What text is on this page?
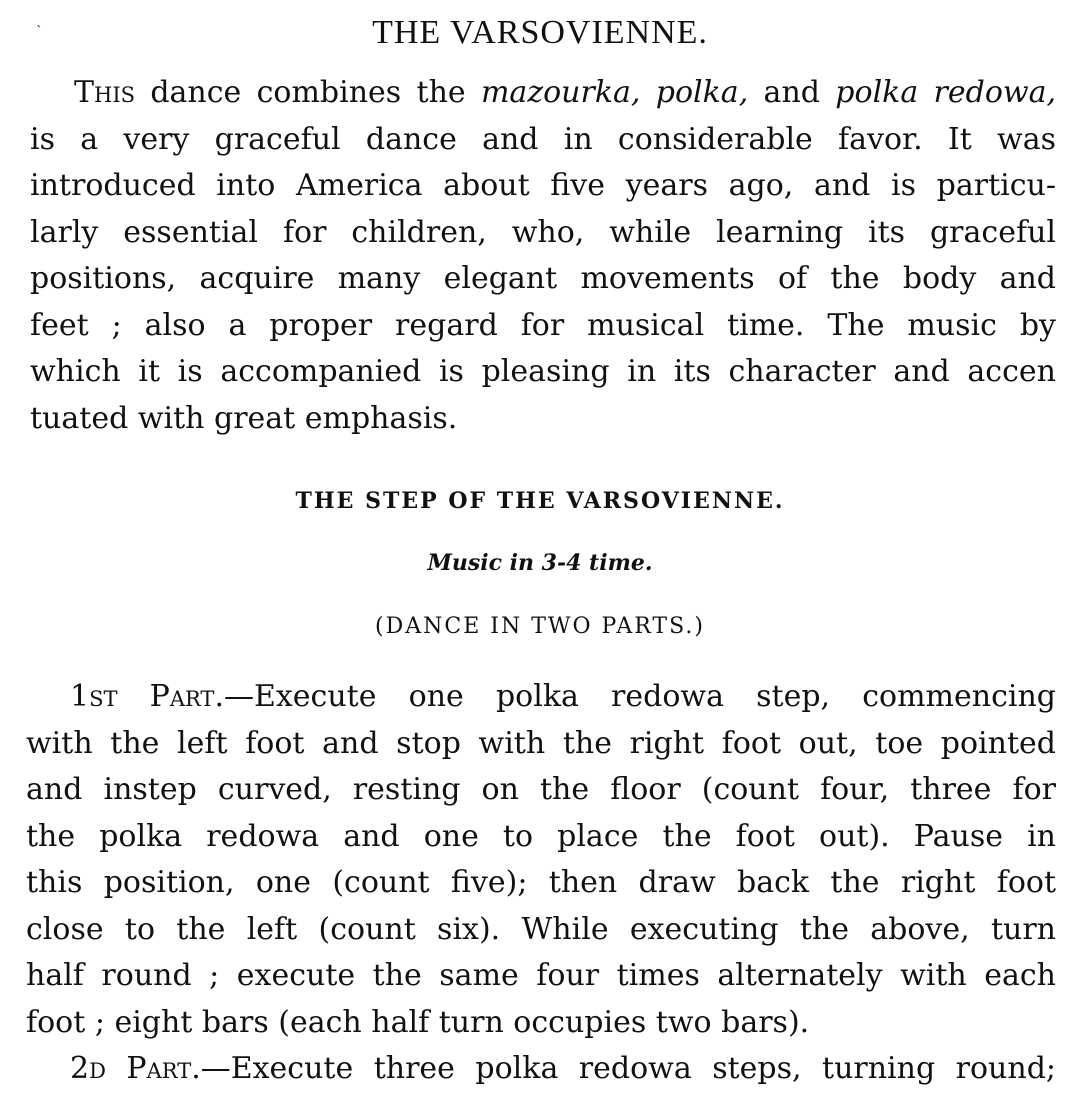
`	THE VARSOVIENNE.
This dance combines the mazourka, polka, and polka redowa,
is a very graceful dance and in considerable favor. It was
introduced into America about five years ago, and is particu-
larly essential for children, who, while learning its graceful
positions, acquire many elegant movements of the body and
feet ; also a proper regard for musical time. The music by
which it is accompanied is pleasing in its character and accen
tuated with great emphasis.
THE STEP OF THE VARSOVIENNE.
Music in 3-4 time.
(DANCE IN TWO PARTS.)
1st Part.—Execute one polka redowa step, commencing
with the left foot and stop with the right foot out, toe pointed
and instep curved, resting on the floor (count four, three for
the polka redowa and one to place the foot out). Pause in
this position, one (count five); then draw back the right foot
close to the left (count six). While executing the above, turn
half round ; execute the same four times alternately with each
foot ; eight bars (each half turn occupies two bars).
2d Part.—Execute three polka redowa steps, turning round;
